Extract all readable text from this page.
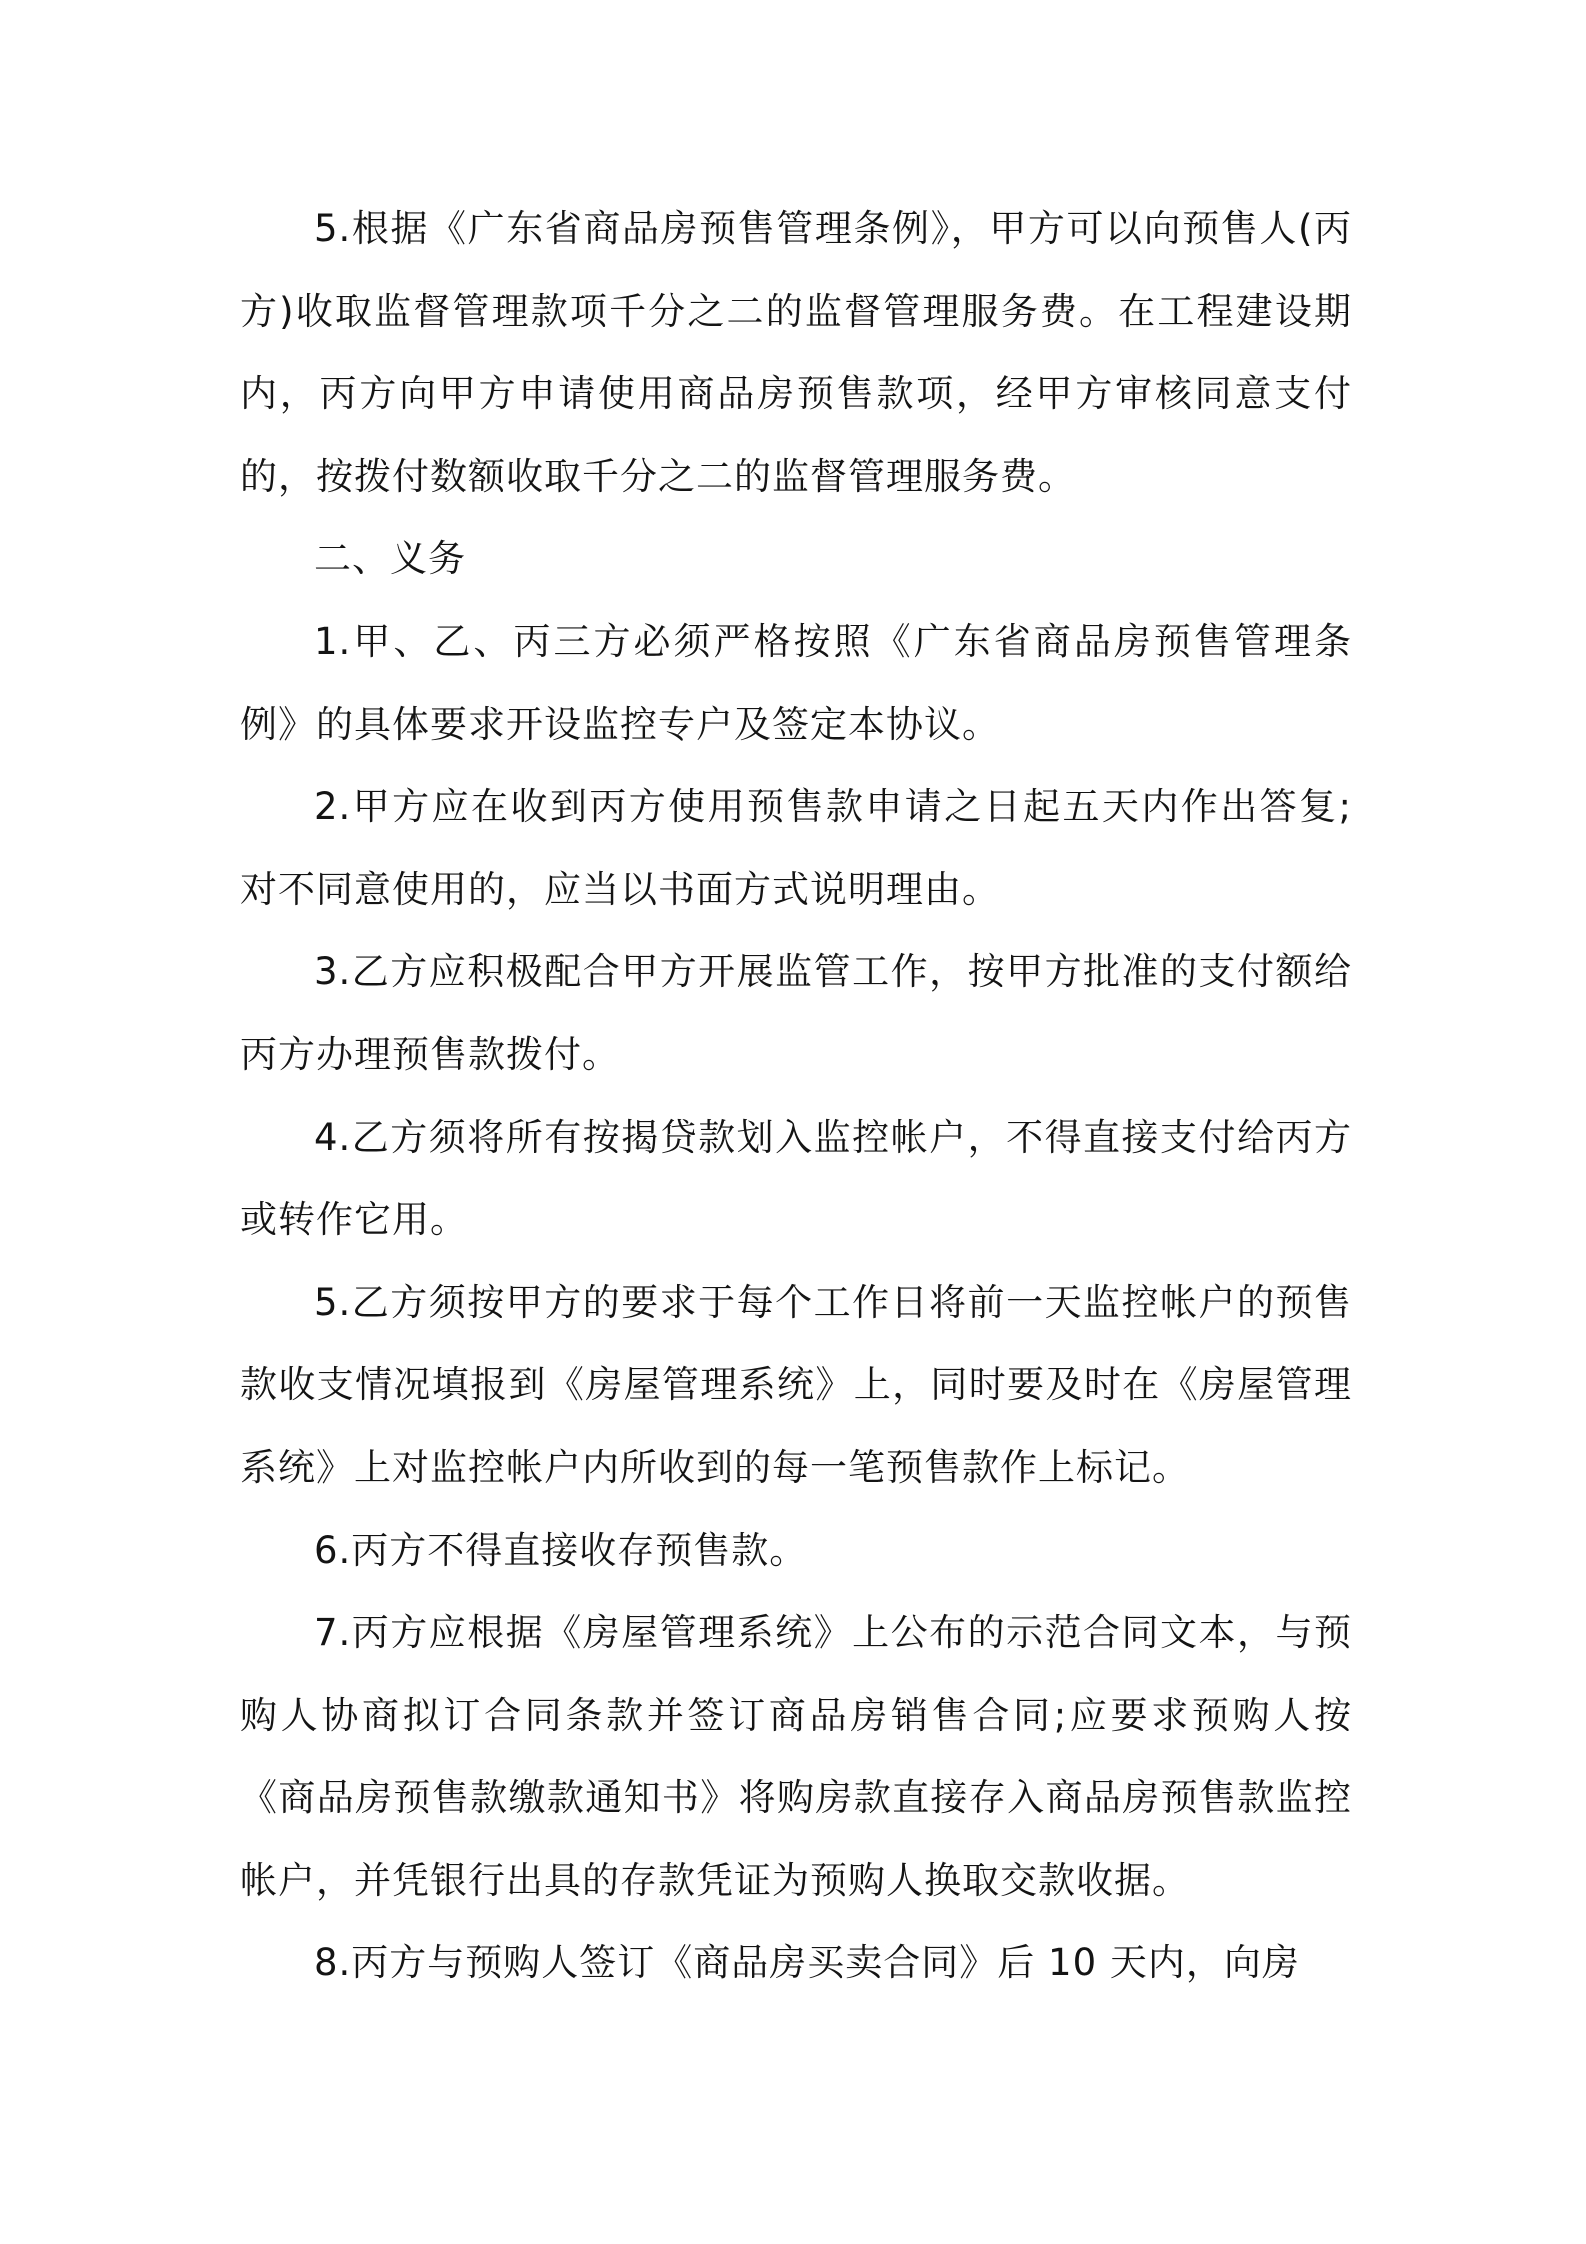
5.根据《广东省商品房预售管理条例》，甲方可以向预售人(丙方)收取监督管理款项千分之二的监督管理服务费。在工程建设期内，丙方向甲方申请使用商品房预售款项，经甲方审核同意支付的，按拨付数额收取千分之二的监督管理服务费。

二、义务

1.甲、乙、丙三方必须严格按照《广东省商品房预售管理条例》的具体要求开设监控专户及签定本协议。

2.甲方应在收到丙方使用预售款申请之日起五天内作出答复;对不同意使用的，应当以书面方式说明理由。

3.乙方应积极配合甲方开展监管工作，按甲方批准的支付额给丙方办理预售款拨付。

4.乙方须将所有按揭贷款划入监控帐户，不得直接支付给丙方或转作它用。

5.乙方须按甲方的要求于每个工作日将前一天监控帐户的预售款收支情况填报到《房屋管理系统》上，同时要及时在《房屋管理系统》上对监控帐户内所收到的每一笔预售款作上标记。

6.丙方不得直接收存预售款。

7.丙方应根据《房屋管理系统》上公布的示范合同文本，与预购人协商拟订合同条款并签订商品房销售合同;应要求预购人按《商品房预售款缴款通知书》将购房款直接存入商品房预售款监控帐户，并凭银行出具的存款凭证为预购人换取交款收据。

8.丙方与预购人签订《商品房买卖合同》后 10 天内，向房
